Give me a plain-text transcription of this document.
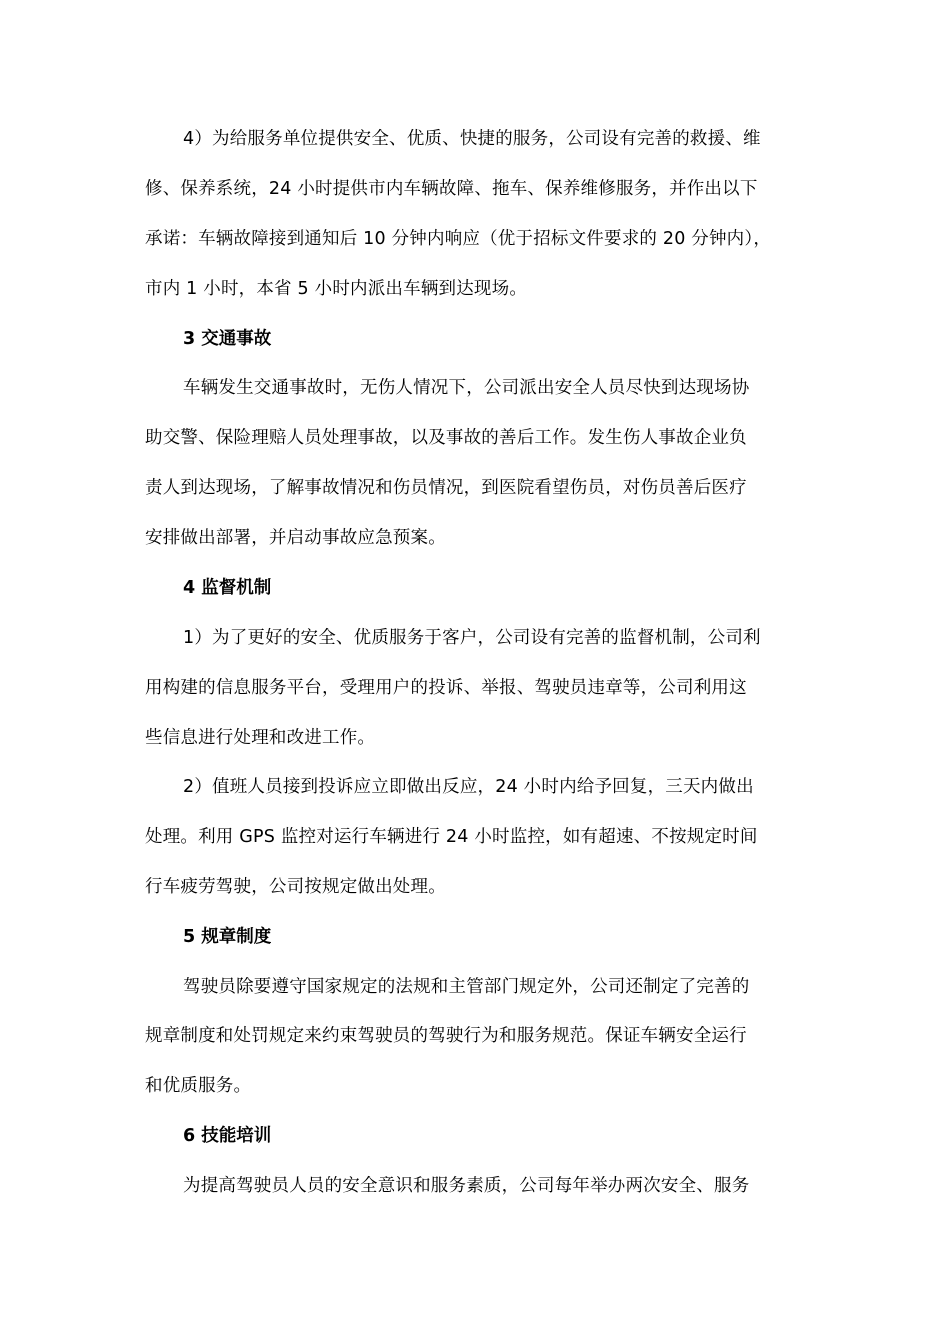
4）为给服务单位提供安全、优质、快捷的服务，公司设有完善的救援、维
修、保养系统，24 小时提供市内车辆故障、拖车、保养维修服务，并作出以下
承诺：车辆故障接到通知后 10 分钟内响应（优于招标文件要求的 20 分钟内），
市内 1 小时，本省 5 小时内派出车辆到达现场。
3 交通事故
车辆发生交通事故时，无伤人情况下，公司派出安全人员尽快到达现场协
助交警、保险理赔人员处理事故，以及事故的善后工作。发生伤人事故企业负
责人到达现场，了解事故情况和伤员情况，到医院看望伤员，对伤员善后医疗
安排做出部署，并启动事故应急预案。
4 监督机制
1）为了更好的安全、优质服务于客户，公司设有完善的监督机制，公司利
用构建的信息服务平台，受理用户的投诉、举报、驾驶员违章等，公司利用这
些信息进行处理和改进工作。
2）值班人员接到投诉应立即做出反应，24 小时内给予回复，三天内做出
处理。利用 GPS 监控对运行车辆进行 24 小时监控，如有超速、不按规定时间
行车疲劳驾驶，公司按规定做出处理。
5 规章制度
驾驶员除要遵守国家规定的法规和主管部门规定外，公司还制定了完善的
规章制度和处罚规定来约束驾驶员的驾驶行为和服务规范。保证车辆安全运行
和优质服务。
6 技能培训
为提高驾驶员人员的安全意识和服务素质，公司每年举办两次安全、服务
